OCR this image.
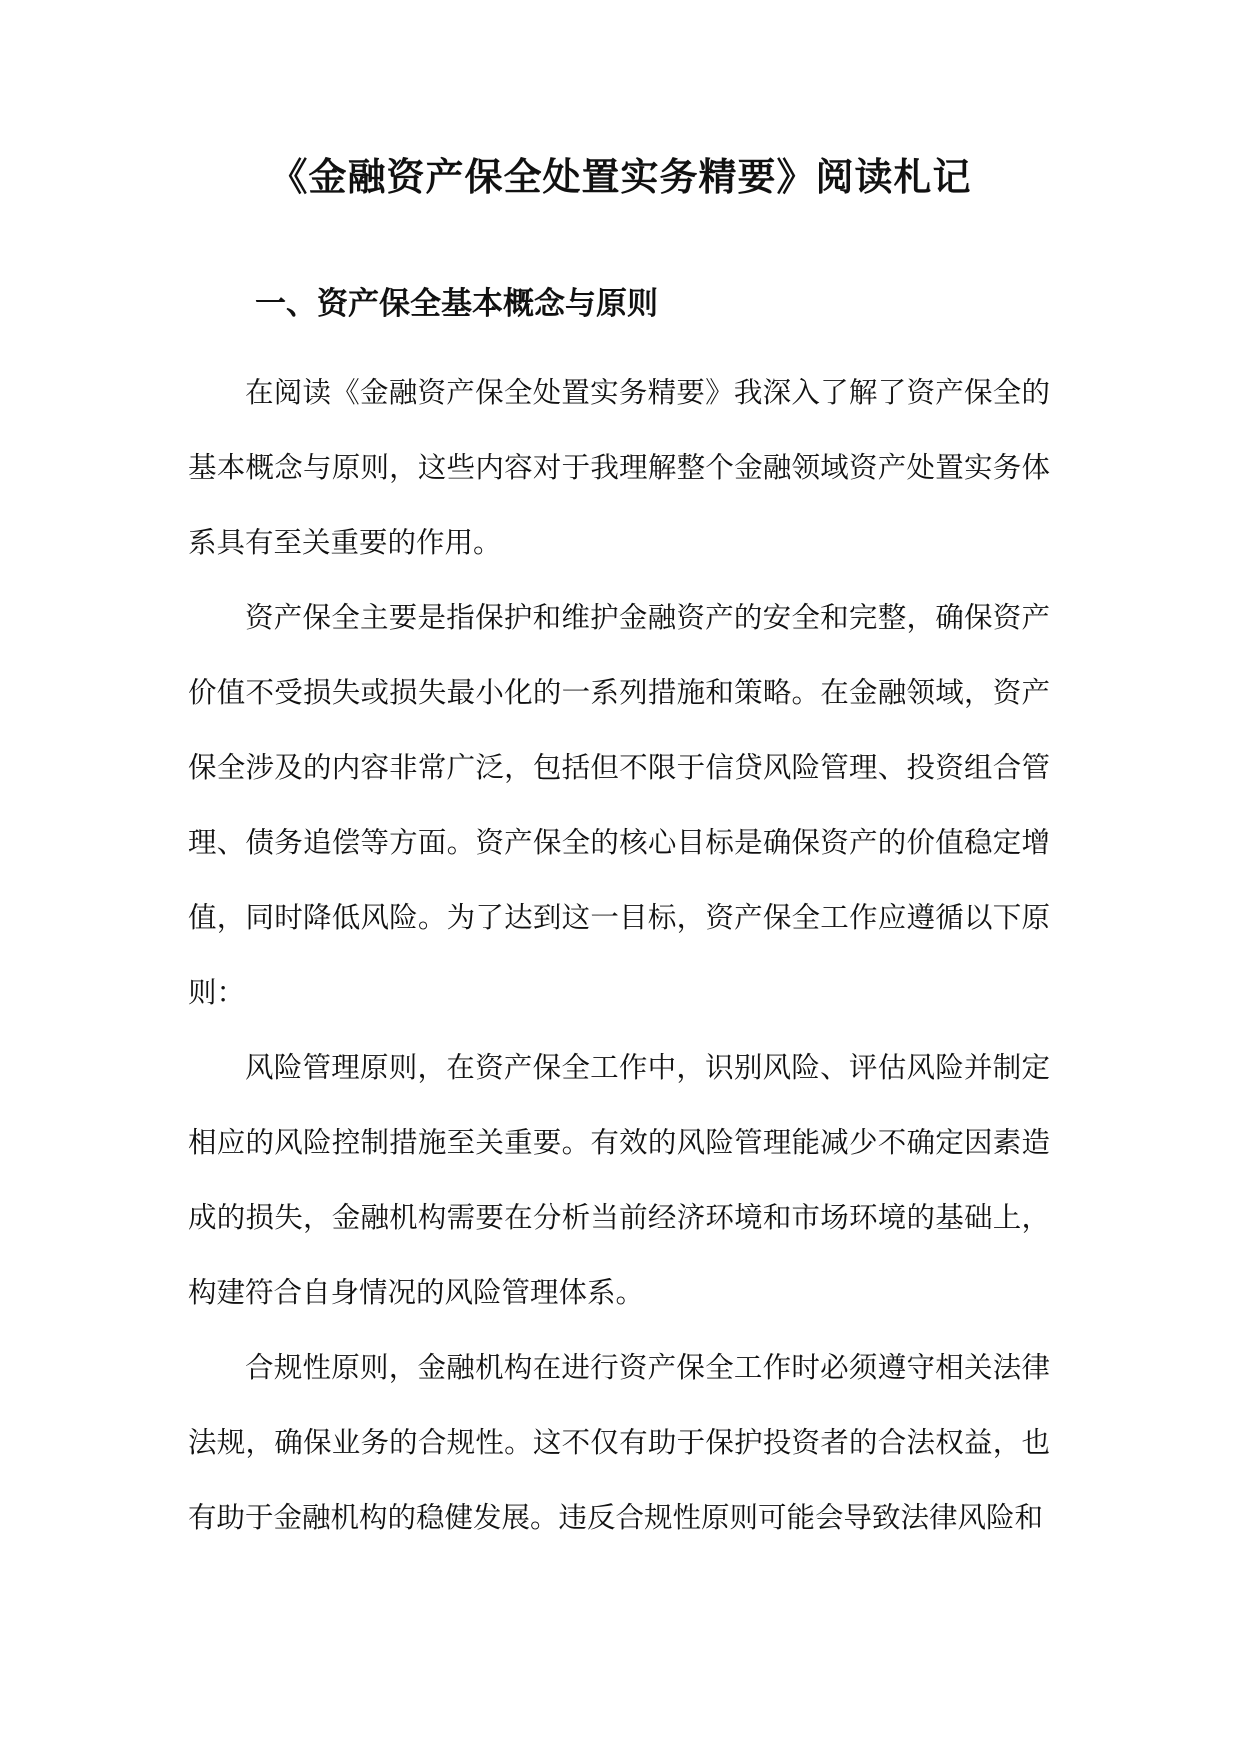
《金融资产保全处置实务精要》阅读札记
一、资产保全基本概念与原则

在阅读《金融资产保全处置实务精要》我深入了解了资产保全的基本概念与原则，这些内容对于我理解整个金融领域资产处置实务体系具有至关重要的作用。

资产保全主要是指保护和维护金融资产的安全和完整，确保资产价值不受损失或损失最小化的一系列措施和策略。在金融领域，资产保全涉及的内容非常广泛，包括但不限于信贷风险管理、投资组合管理、债务追偿等方面。资产保全的核心目标是确保资产的价值稳定增值，同时降低风险。为了达到这一目标，资产保全工作应遵循以下原则：

风险管理原则，在资产保全工作中，识别风险、评估风险并制定相应的风险控制措施至关重要。有效的风险管理能减少不确定因素造成的损失，金融机构需要在分析当前经济环境和市场环境的基础上，构建符合自身情况的风险管理体系。

合规性原则，金融机构在进行资产保全工作时必须遵守相关法律法规，确保业务的合规性。这不仅有助于保护投资者的合法权益，也有助于金融机构的稳健发展。违反合规性原则可能会导致法律风险和
